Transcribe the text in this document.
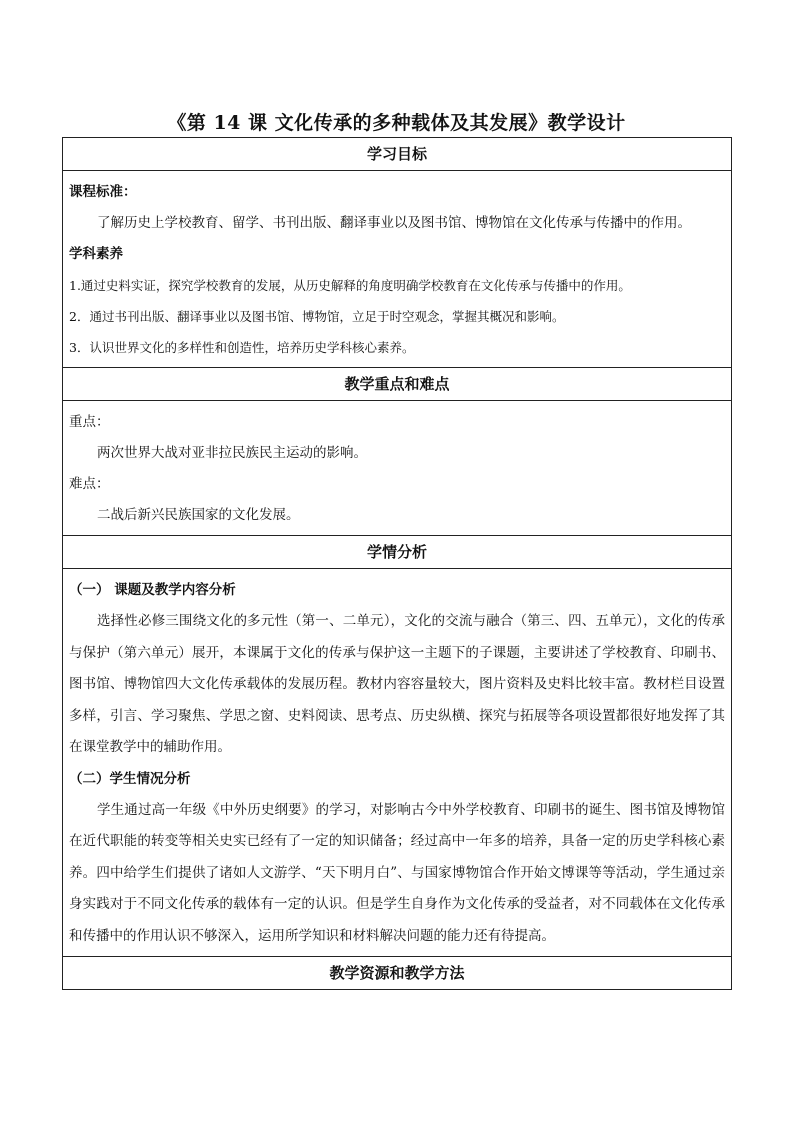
《第 14 课 文化传承的多种载体及其发展》教学设计
学习目标
课程标准：
了解历史上学校教育、留学、书刊出版、翻译事业以及图书馆、博物馆在文化传承与传播中的作用。
学科素养
1.通过史料实证，探究学校教育的发展，从历史解释的角度明确学校教育在文化传承与传播中的作用。
2．通过书刊出版、翻译事业以及图书馆、博物馆，立足于时空观念，掌握其概况和影响。
3．认识世界文化的多样性和创造性，培养历史学科核心素养。
教学重点和难点
重点：
两次世界大战对亚非拉民族民主运动的影响。
难点：
二战后新兴民族国家的文化发展。
学情分析
（一） 课题及教学内容分析
选择性必修三围绕文化的多元性（第一、二单元），文化的交流与融合（第三、四、五单元），文化的传承与保护（第六单元）展开，本课属于文化的传承与保护这一主题下的子课题，主要讲述了学校教育、印刷书、图书馆、博物馆四大文化传承载体的发展历程。教材内容容量较大，图片资料及史料比较丰富。教材栏目设置多样，引言、学习聚焦、学思之窗、史料阅读、思考点、历史纵横、探究与拓展等各项设置都很好地发挥了其在课堂教学中的辅助作用。
（二）学生情况分析
学生通过高一年级《中外历史纲要》的学习，对影响古今中外学校教育、印刷书的诞生、图书馆及博物馆在近代职能的转变等相关史实已经有了一定的知识储备；经过高中一年多的培养，具备一定的历史学科核心素养。四中给学生们提供了诸如人文游学、“天下明月白”、与国家博物馆合作开始文博课等等活动，学生通过亲身实践对于不同文化传承的载体有一定的认识。但是学生自身作为文化传承的受益者，对不同载体在文化传承和传播中的作用认识不够深入，运用所学知识和材料解决问题的能力还有待提高。
教学资源和教学方法
